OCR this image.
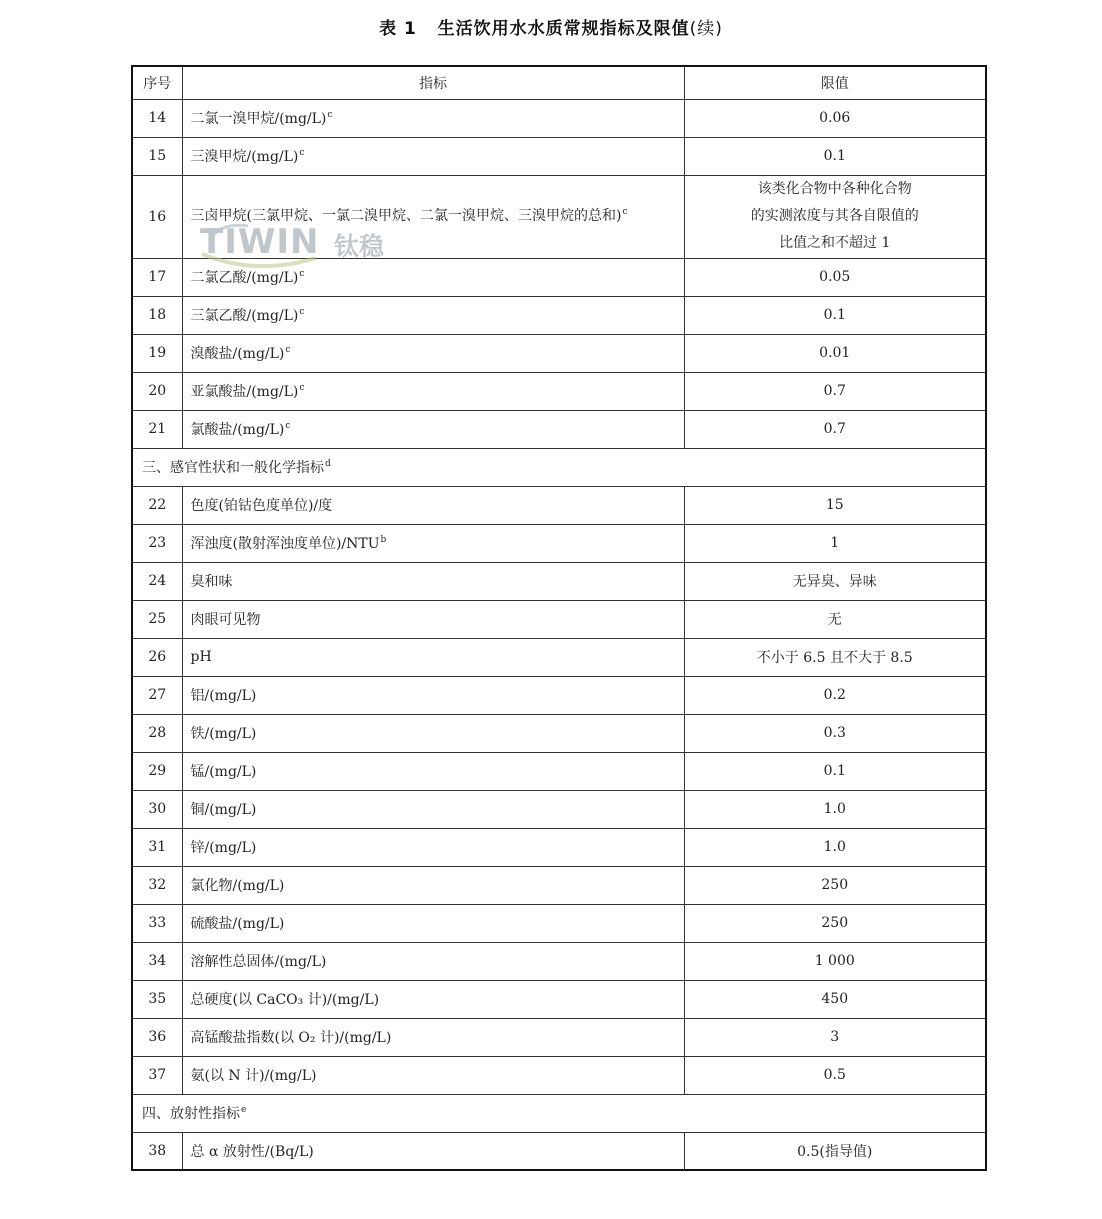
表 1 生活饮用水水质常规指标及限值(续)
序号	指标	限值
14	二氯一溴甲烷/(mg/L)$^c$	0.06
15	三溴甲烷/(mg/L)$^c$	0.1
16	三卤甲烷(三氯甲烷、一氯二溴甲烷、二氯一溴甲烷、三溴甲烷的总和)$^c$	该类化合物中各种化合物
的实测浓度与其各自限值的
比值之和不超过 1

17	二氯乙酸/(mg/L)$^c$	0.05
18	三氯乙酸/(mg/L)$^c$	0.1
19	溴酸盐/(mg/L)$^c$	0.01
20	亚氯酸盐/(mg/L)$^c$	0.7
21	氯酸盐/(mg/L)$^c$	0.7
三、感官性状和一般化学指标$^d$
22	色度(铂钴色度单位)/度	15
23	浑浊度(散射浑浊度单位)/NTU$^b$	1
24	臭和味	无异臭、异味
25	肉眼可见物	无
26	pH	不小于 6.5 且不大于 8.5
27	铝/(mg/L)	0.2
28	铁/(mg/L)	0.3
29	锰/(mg/L)	0.1
30	铜/(mg/L)	1.0
31	锌/(mg/L)	1.0
32	氯化物/(mg/L)	250
33	硫酸盐/(mg/L)	250
34	溶解性总固体/(mg/L)	1 000
35	总硬度(以 CaCO₃ 计)/(mg/L)	450
36	高锰酸盐指数(以 O₂ 计)/(mg/L)	3
37	氨(以 N 计)/(mg/L)	0.5
四、放射性指标$^e$
38	总 α 放射性/(Bq/L)	0.5(指导值)
TIWIN 钛稳
